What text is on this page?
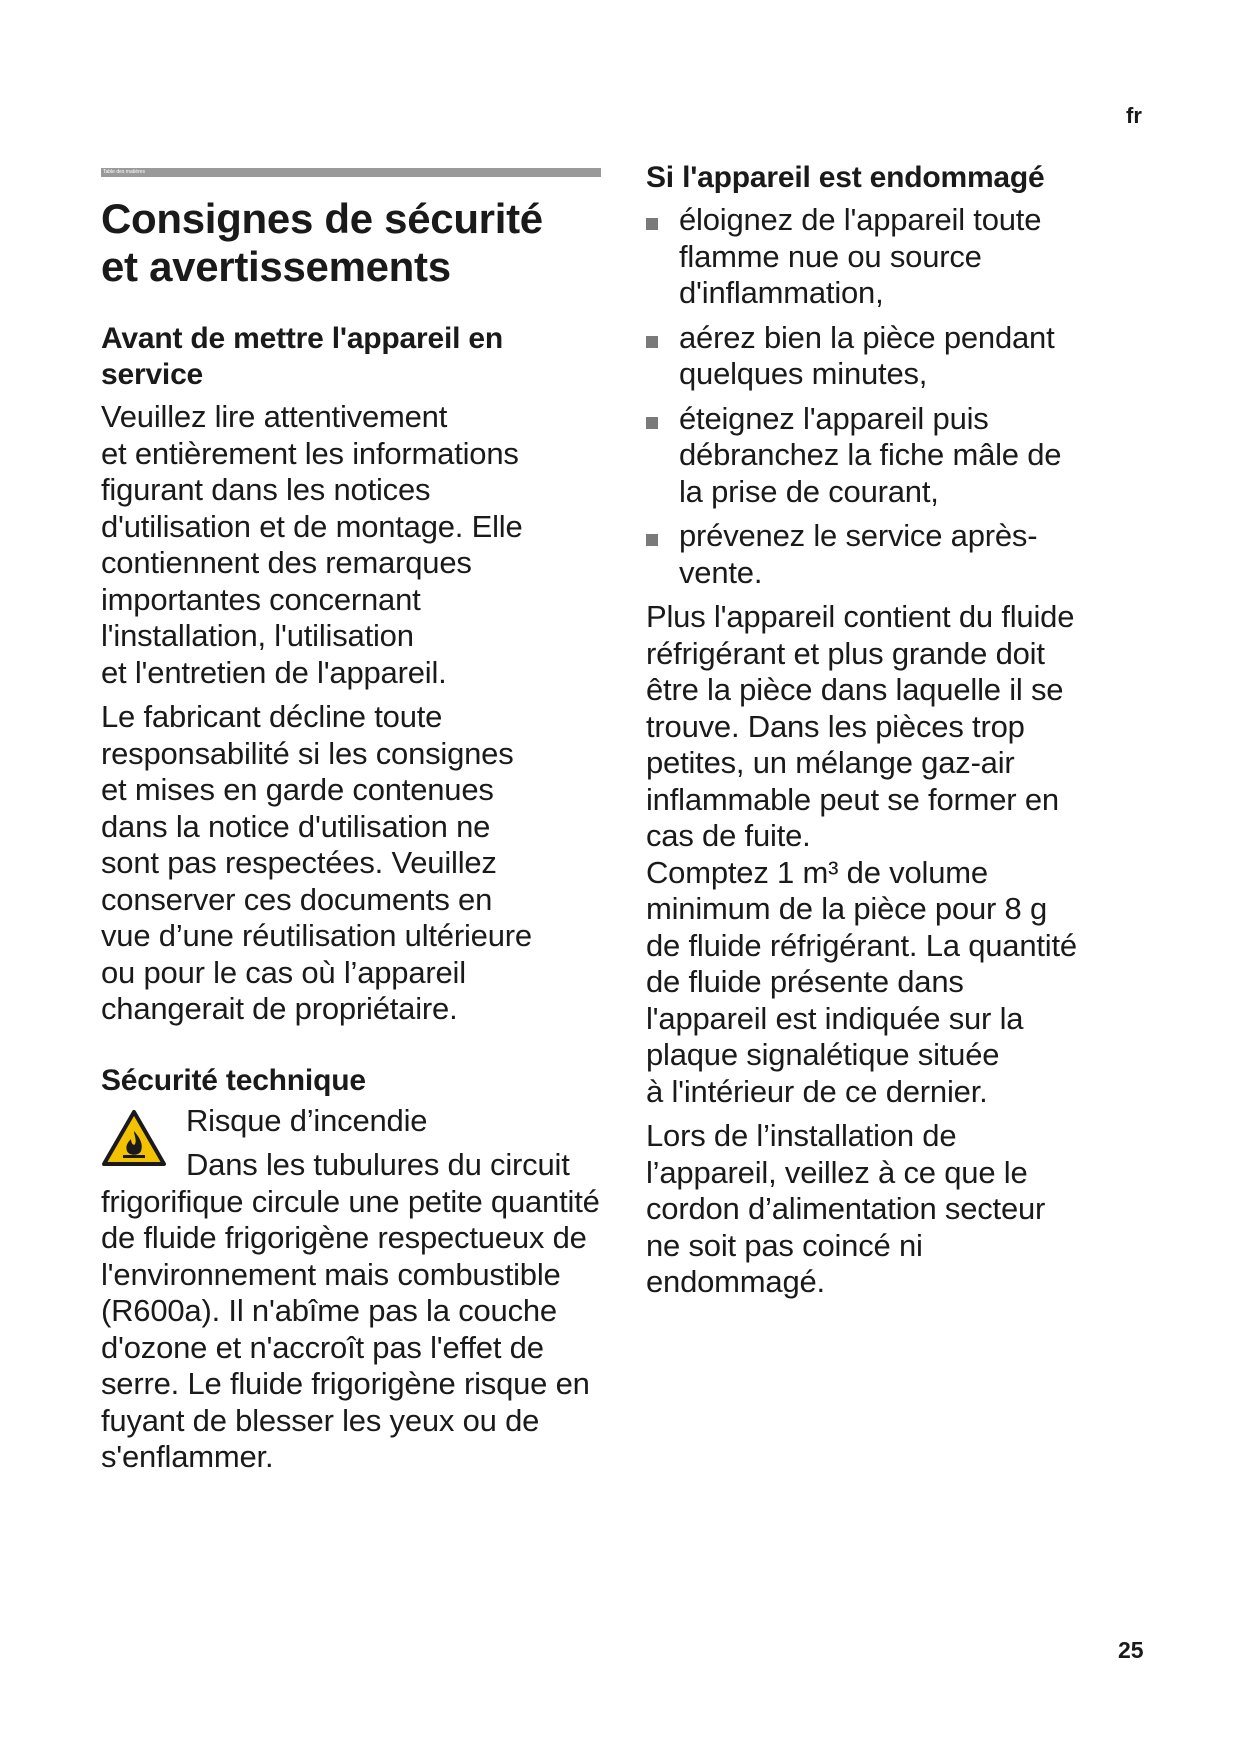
fr
Table des matières
Consignes de sécurité
et avertissements
Avant de mettre l'appareil en
service

Veuillez lire attentivement
et entièrement les informations
figurant dans les notices
d'utilisation et de montage. Elle
contiennent des remarques
importantes concernant
l'installation, l'utilisation
et l'entretien de l'appareil.

Le fabricant décline toute
responsabilité si les consignes
et mises en garde contenues
dans la notice d'utilisation ne
sont pas respectées. Veuillez
conserver ces documents en
vue d’une réutilisation ultérieure
ou pour le cas où l’appareil
changerait de propriétaire.

Sécurité technique

Risque d’incendie

Dans les tubulures du circuit frigorifique circule une petite quantité de fluide frigorigène respectueux de l'environnement mais combustible (R600a). Il n'abîme pas la couche d'ozone et n'accroît pas l'effet de serre. Le fluide frigorigène risque en fuyant de blesser les yeux ou de s'enflammer.

Si l'appareil est endommagé
éloignez de l'appareil toute
flamme nue ou source
d'inflammation,
aérez bien la pièce pendant
quelques minutes,
éteignez l'appareil puis
débranchez la fiche mâle de
la prise de courant,
prévenez le service après-
vente.

Plus l'appareil contient du fluide
réfrigérant et plus grande doit
être la pièce dans laquelle il se
trouve. Dans les pièces trop
petites, un mélange gaz-air
inflammable peut se former en
cas de fuite.
Comptez 1 m³ de volume
minimum de la pièce pour 8 g
de fluide réfrigérant. La quantité
de fluide présente dans
l'appareil est indiquée sur la
plaque signalétique située
à l'intérieur de ce dernier.

Lors de l’installation de
l’appareil, veillez à ce que le
cordon d’alimentation secteur
ne soit pas coincé ni
endommagé.

25
